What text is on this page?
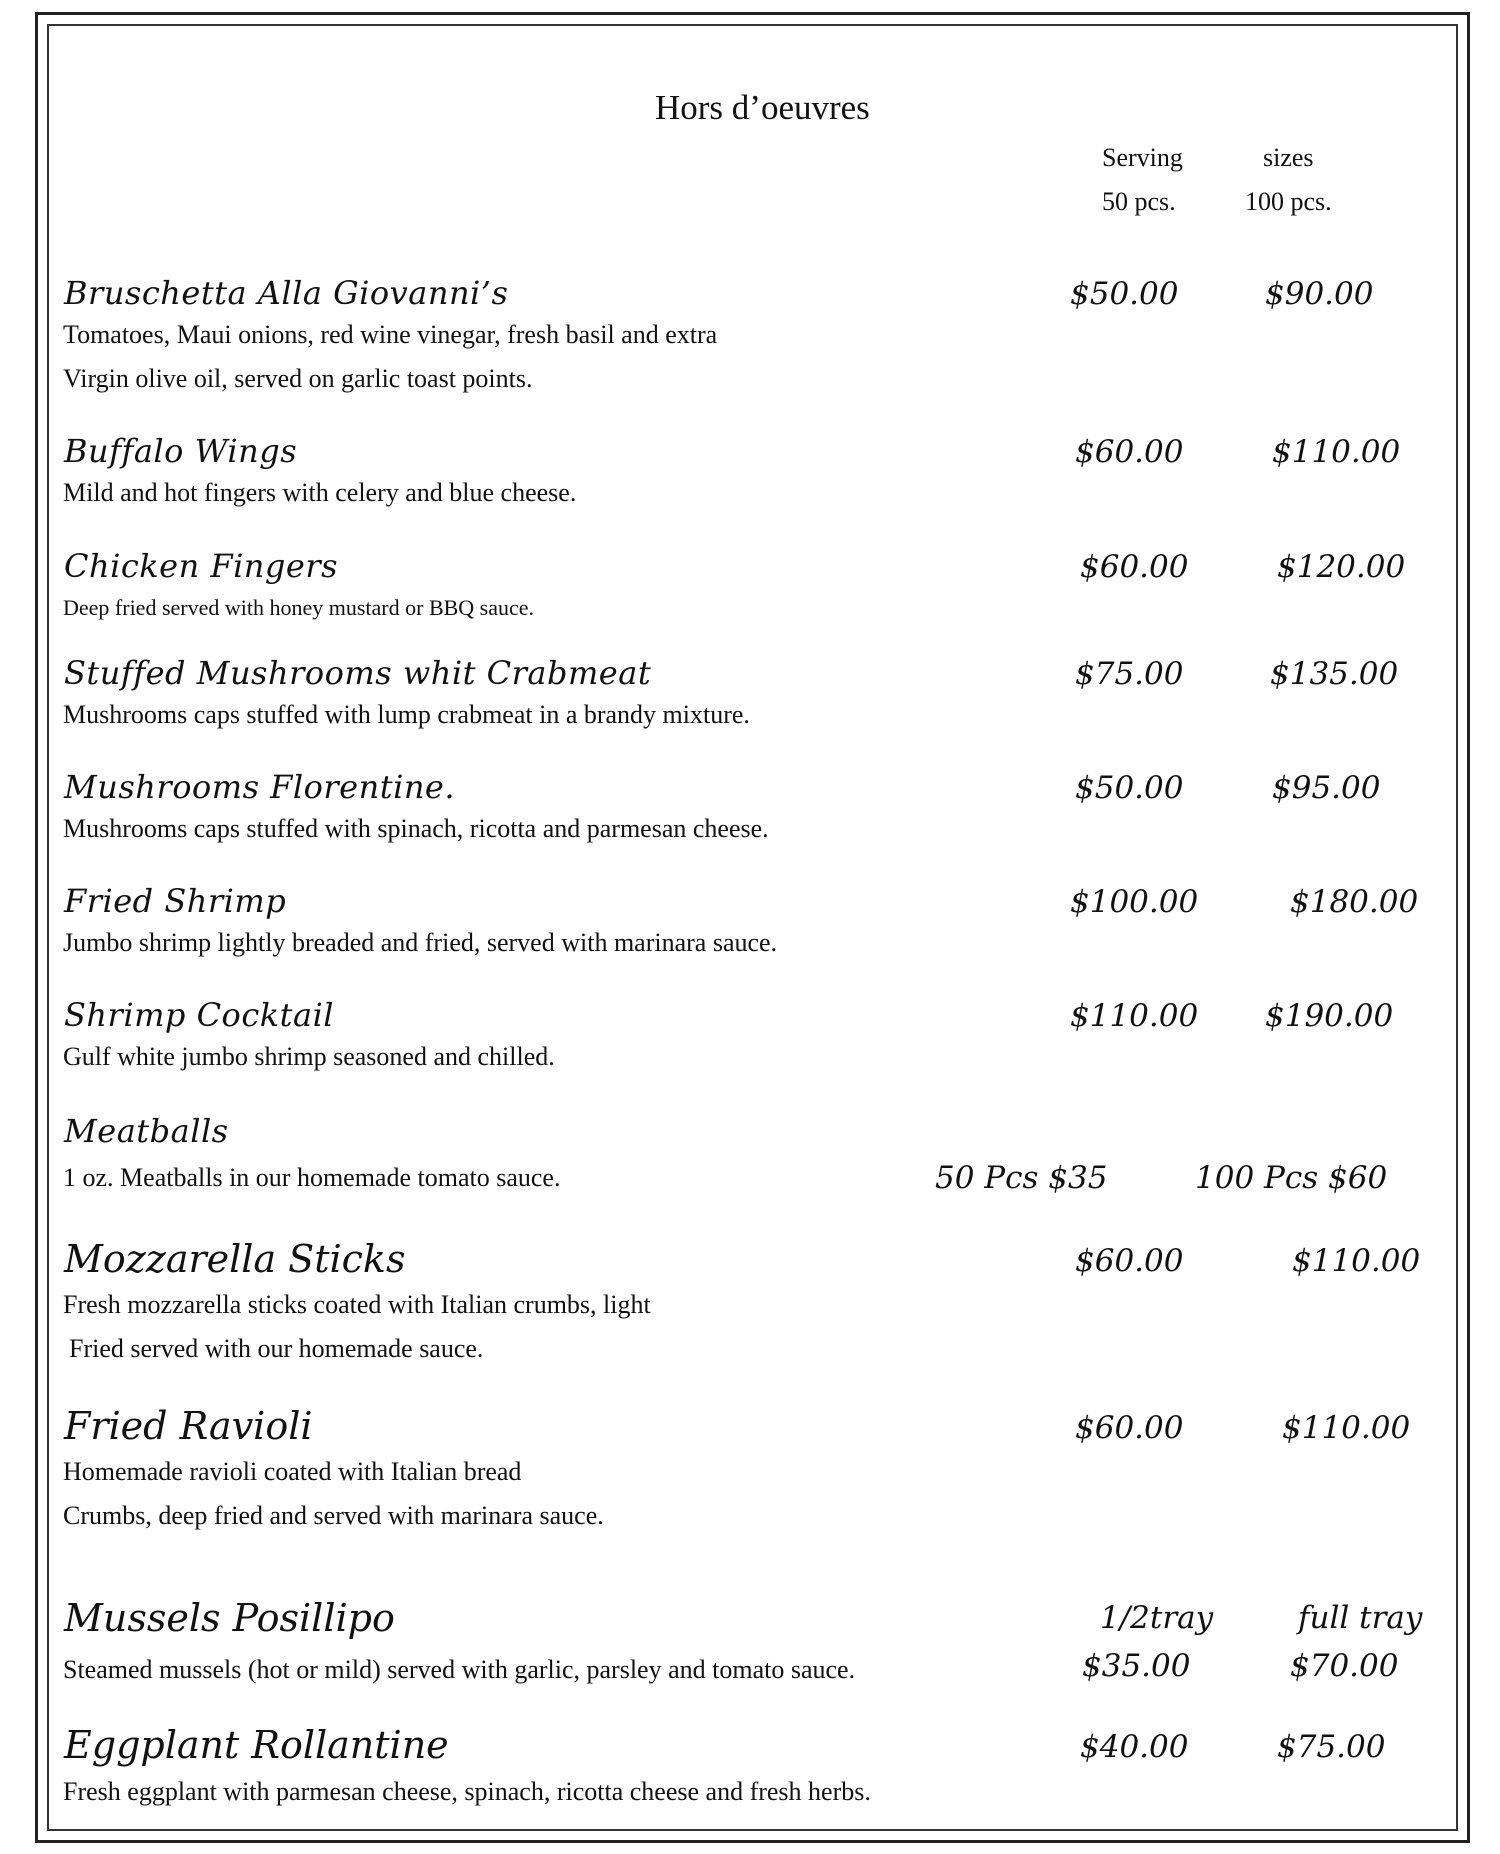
Hors d’oeuvres
Serving	sizes
50 pcs.	100 pcs.
Bruschetta Alla Giovanni’s	$50.00	$90.00
Tomatoes, Maui onions, red wine vinegar, fresh basil and extra
Virgin olive oil, served on garlic toast points.
Buffalo Wings	$60.00	$110.00
Mild and hot fingers with celery and blue cheese.
Chicken Fingers	$60.00	$120.00
Deep fried served with honey mustard or BBQ sauce.
Stuffed Mushrooms whit Crabmeat	$75.00	$135.00
Mushrooms caps stuffed with lump crabmeat in a brandy mixture.
Mushrooms Florentine.	$50.00	$95.00
Mushrooms caps stuffed with spinach, ricotta and parmesan cheese.
Fried Shrimp	$100.00	$180.00
Jumbo shrimp lightly breaded and fried, served with marinara sauce.
Shrimp Cocktail	$110.00 $190.00
Gulf white jumbo shrimp seasoned and chilled.
Meatballs
1 oz. Meatballs in our homemade tomato sauce.	50 Pcs $35	100 Pcs $60
Mozzarella Sticks	$60.00	$110.00
Fresh mozzarella sticks coated with Italian crumbs, light
Fried served with our homemade sauce.
Fried Ravioli	$60.00	$110.00
Homemade ravioli coated with Italian bread
Crumbs, deep fried and served with marinara sauce.
Mussels Posillipo	1/2tray	full tray
Steamed mussels (hot or mild) served with garlic, parsley and tomato sauce.	$35.00	$70.00
Eggplant Rollantine	$40.00	$75.00
Fresh eggplant with parmesan cheese, spinach, ricotta cheese and fresh herbs.
